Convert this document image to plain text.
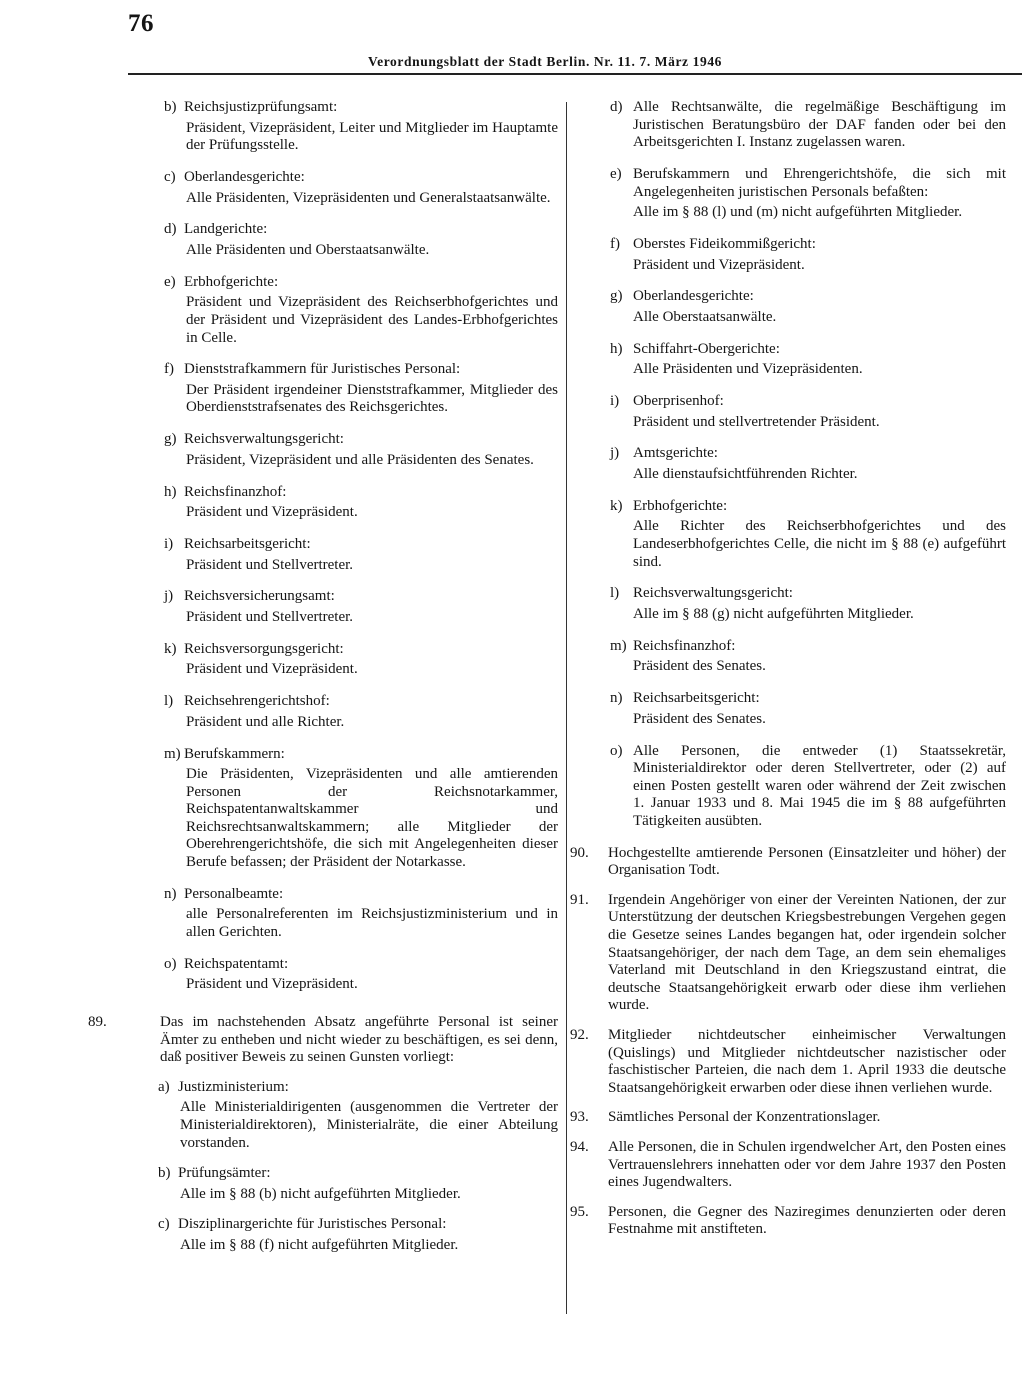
76
Verordnungsblatt der Stadt Berlin. Nr. 11. 7. März 1946
b) Reichsjustizprüfungsamt:
Präsident, Vizepräsident, Leiter und Mitglieder im Hauptamte der Prüfungsstelle.
c) Oberlandesgerichte:
Alle Präsidenten, Vizepräsidenten und Generalstaatsanwälte.
d) Landgerichte:
Alle Präsidenten und Oberstaatsanwälte.
e) Erbhofgerichte:
Präsident und Vizepräsident des Reichserbhofgerichtes und der Präsident und Vizepräsident des Landes-Erbhofgerichtes in Celle.
f) Dienststrafkammern für Juristisches Personal:
Der Präsident irgendeiner Dienststrafkammer, Mitglieder des Oberdienststrafsenates des Reichsgerichtes.
g) Reichsverwaltungsgericht:
Präsident, Vizepräsident und alle Präsidenten des Senates.
h) Reichsfinanzhof:
Präsident und Vizepräsident.
i) Reichsarbeitsgericht:
Präsident und Stellvertreter.
j) Reichsversicherungsamt:
Präsident und Stellvertreter.
k) Reichsversorgungsgericht:
Präsident und Vizepräsident.
l) Reichsehrengerichtshof:
Präsident und alle Richter.
m) Berufskammern:
Die Präsidenten, Vizepräsidenten und alle amtierenden Personen der Reichsnotarkammer, Reichspatentanwaltskammer und Reichsrechtsanwaltskammern; alle Mitglieder der Oberehrengerichtshöfe, die sich mit Angelegenheiten dieser Berufe befassen; der Präsident der Notarkasse.
n) Personalbeamte:
alle Personalreferenten im Reichsjustizministerium und in allen Gerichten.
o) Reichspatentamt:
Präsident und Vizepräsident.
89.	Das im nachstehenden Absatz angeführte Personal ist seiner Ämter zu entheben und nicht wieder zu beschäftigen, es sei denn, daß positiver Beweis zu seinen Gunsten vorliegt:
a) Justizministerium:
Alle Ministerialdirigenten (ausgenommen die Vertreter der Ministerialdirektoren), Ministerialräte, die einer Abteilung vorstanden.
b) Prüfungsämter:
Alle im § 88 (b) nicht aufgeführten Mitglieder.
c) Disziplinargerichte für Juristisches Personal:
Alle im § 88 (f) nicht aufgeführten Mitglieder.
d) Alle Rechtsanwälte, die regelmäßige Beschäftigung im Juristischen Beratungsbüro der DAF fanden oder bei den Arbeitsgerichten I. Instanz zugelassen waren.
e) Berufskammern und Ehrengerichtshöfe, die sich mit Angelegenheiten juristischen Personals befaßten:
Alle im § 88 (l) und (m) nicht aufgeführten Mitglieder.
f) Oberstes Fideikommißgericht:
Präsident und Vizepräsident.
g) Oberlandesgerichte:
Alle Oberstaatsanwälte.
h) Schiffahrt-Obergerichte:
Alle Präsidenten und Vizepräsidenten.
i) Oberprisenhof:
Präsident und stellvertretender Präsident.
j) Amtsgerichte:
Alle dienstaufsichtführenden Richter.
k) Erbhofgerichte:
Alle Richter des Reichserbhofgerichtes und des Landeserbhofgerichtes Celle, die nicht im § 88 (e) aufgeführt sind.
l) Reichsverwaltungsgericht:
Alle im § 88 (g) nicht aufgeführten Mitglieder.
m) Reichsfinanzhof:
Präsident des Senates.
n) Reichsarbeitsgericht:
Präsident des Senates.
o) Alle Personen, die entweder (1) Staatssekretär, Ministerialdirektor oder deren Stellvertreter, oder (2) auf einen Posten gestellt waren oder während der Zeit zwischen 1. Januar 1933 und 8. Mai 1945 die im § 88 aufgeführten Tätigkeiten ausübten.
90. Hochgestellte amtierende Personen (Einsatzleiter und höher) der Organisation Todt.
91. Irgendein Angehöriger von einer der Vereinten Nationen, der zur Unterstützung der deutschen Kriegsbestrebungen Vergehen gegen die Gesetze seines Landes begangen hat, oder irgendein solcher Staatsangehöriger, der nach dem Tage, an dem sein ehemaliges Vaterland mit Deutschland in den Kriegszustand eintrat, die deutsche Staatsangehörigkeit erwarb oder diese ihm verliehen wurde.
92. Mitglieder nichtdeutscher einheimischer Verwaltungen (Quislings) und Mitglieder nichtdeutscher nazistischer oder faschistischer Parteien, die nach dem 1. April 1933 die deutsche Staatsangehörigkeit erwarben oder diese ihnen verliehen wurde.
93. Sämtliches Personal der Konzentrationslager.
94. Alle Personen, die in Schulen irgendwelcher Art, den Posten eines Vertrauenslehrers innehatten oder vor dem Jahre 1937 den Posten eines Jugendwalters.
95. Personen, die Gegner des Naziregimes denunzierten oder deren Festnahme mit anstifteten.
